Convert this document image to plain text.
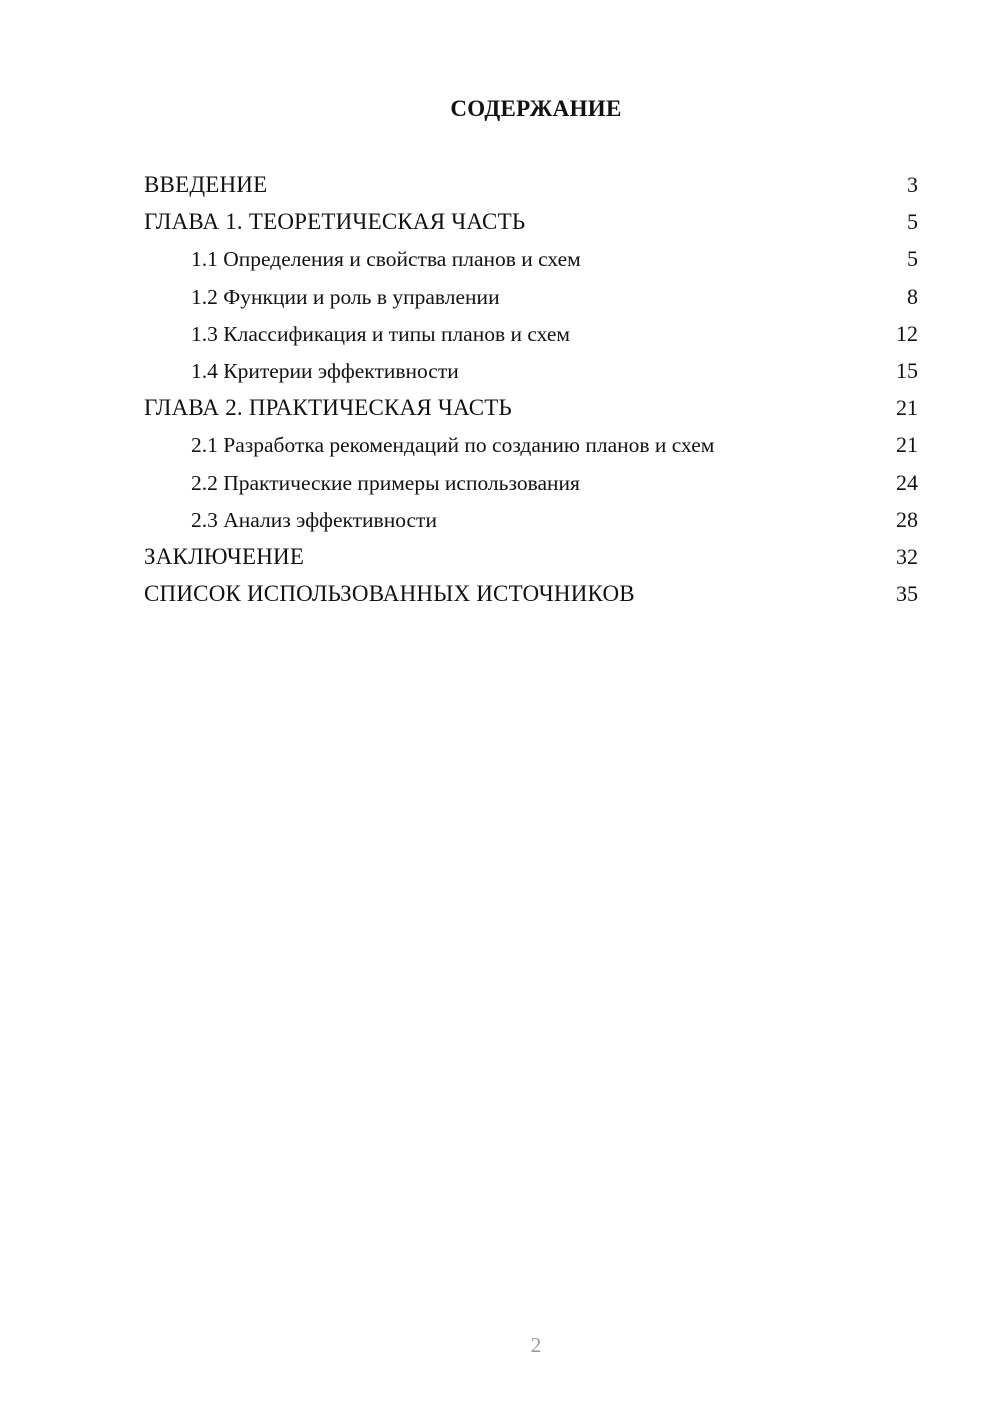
СОДЕРЖАНИЕ
ВВЕДЕНИЕ	3
ГЛАВА 1. ТЕОРЕТИЧЕСКАЯ ЧАСТЬ	5
1.1 Определения и свойства планов и схем	5
1.2 Функции и роль в управлении	8
1.3 Классификация и типы планов и схем	12
1.4 Критерии эффективности	15
ГЛАВА 2. ПРАКТИЧЕСКАЯ ЧАСТЬ	21
2.1 Разработка рекомендаций по созданию планов и схем	21
2.2 Практические примеры использования	24
2.3 Анализ эффективности	28
ЗАКЛЮЧЕНИЕ	32
СПИСОК ИСПОЛЬЗОВАННЫХ ИСТОЧНИКОВ	35
2
